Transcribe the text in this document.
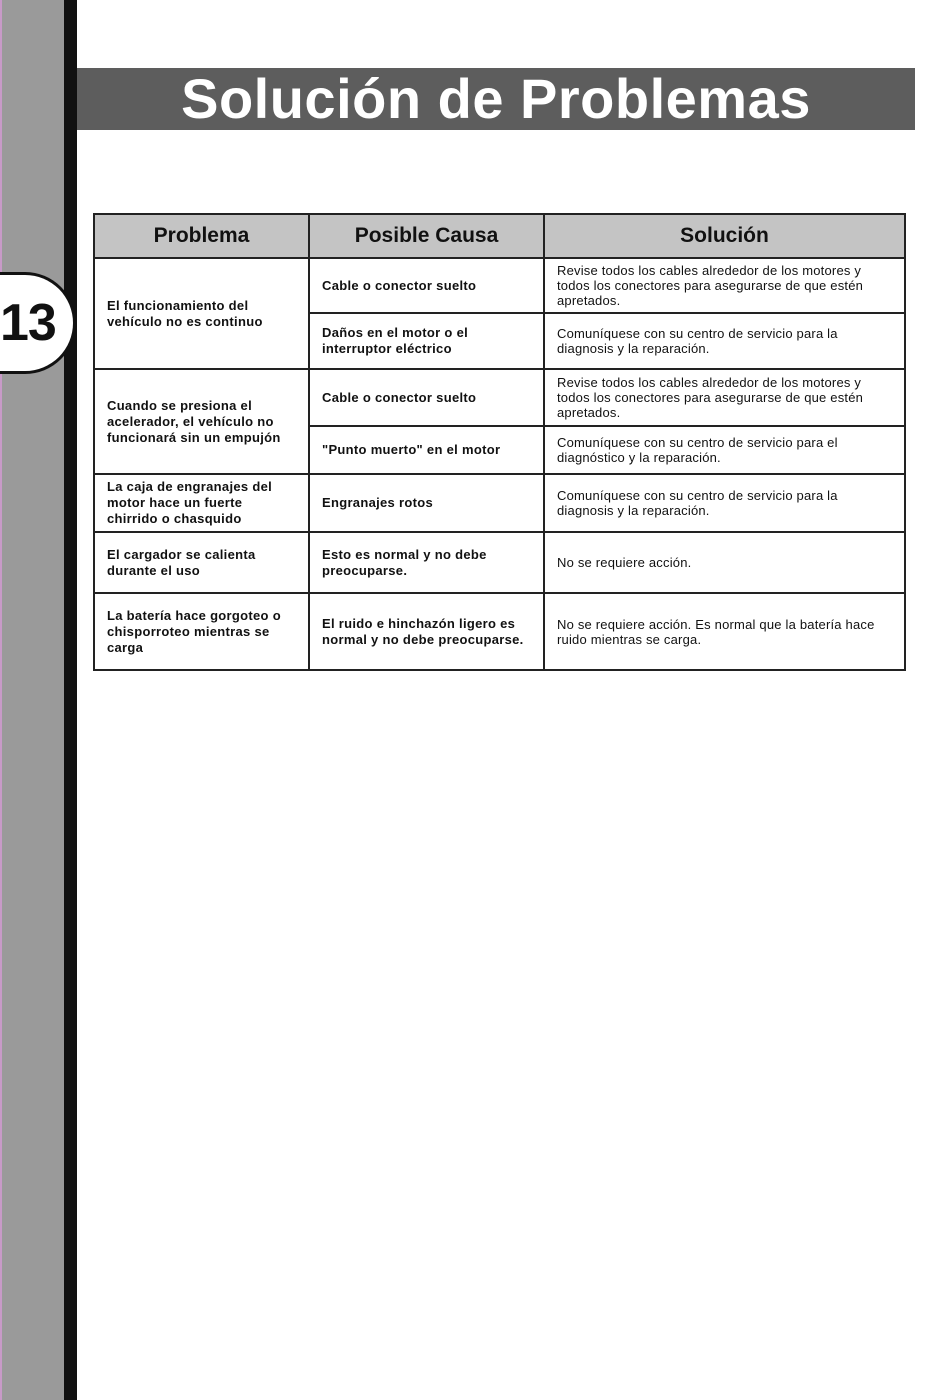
13
Solución de Problemas
Problema	Posible Causa	Solución
El funcionamiento del vehículo no es continuo	Cable o conector suelto	Revise todos los cables alrededor de los motores y todos los conectores para asegurarse de que estén apretados.
	Daños en el motor o el interruptor eléctrico	Comuníquese con su centro de servicio para la diagnosis y la reparación.
Cuando se presiona el acelerador, el vehículo no funcionará sin un empujón	Cable o conector suelto	Revise todos los cables alrededor de los motores y todos los conectores para asegurarse de que estén apretados.
	"Punto muerto" en el motor	Comuníquese con su centro de servicio para el diagnóstico y la reparación.
La caja de engranajes del motor hace un fuerte chirrido o chasquido	Engranajes rotos	Comuníquese con su centro de servicio para la diagnosis y la reparación.
El cargador se calienta durante el uso	Esto es normal y no debe preocuparse.	No se requiere acción.
La batería hace gorgoteo o chisporroteo mientras se carga	El ruido e hinchazón ligero es normal y no debe preocuparse.	No se requiere acción. Es normal que la batería hace ruido mientras se carga.
